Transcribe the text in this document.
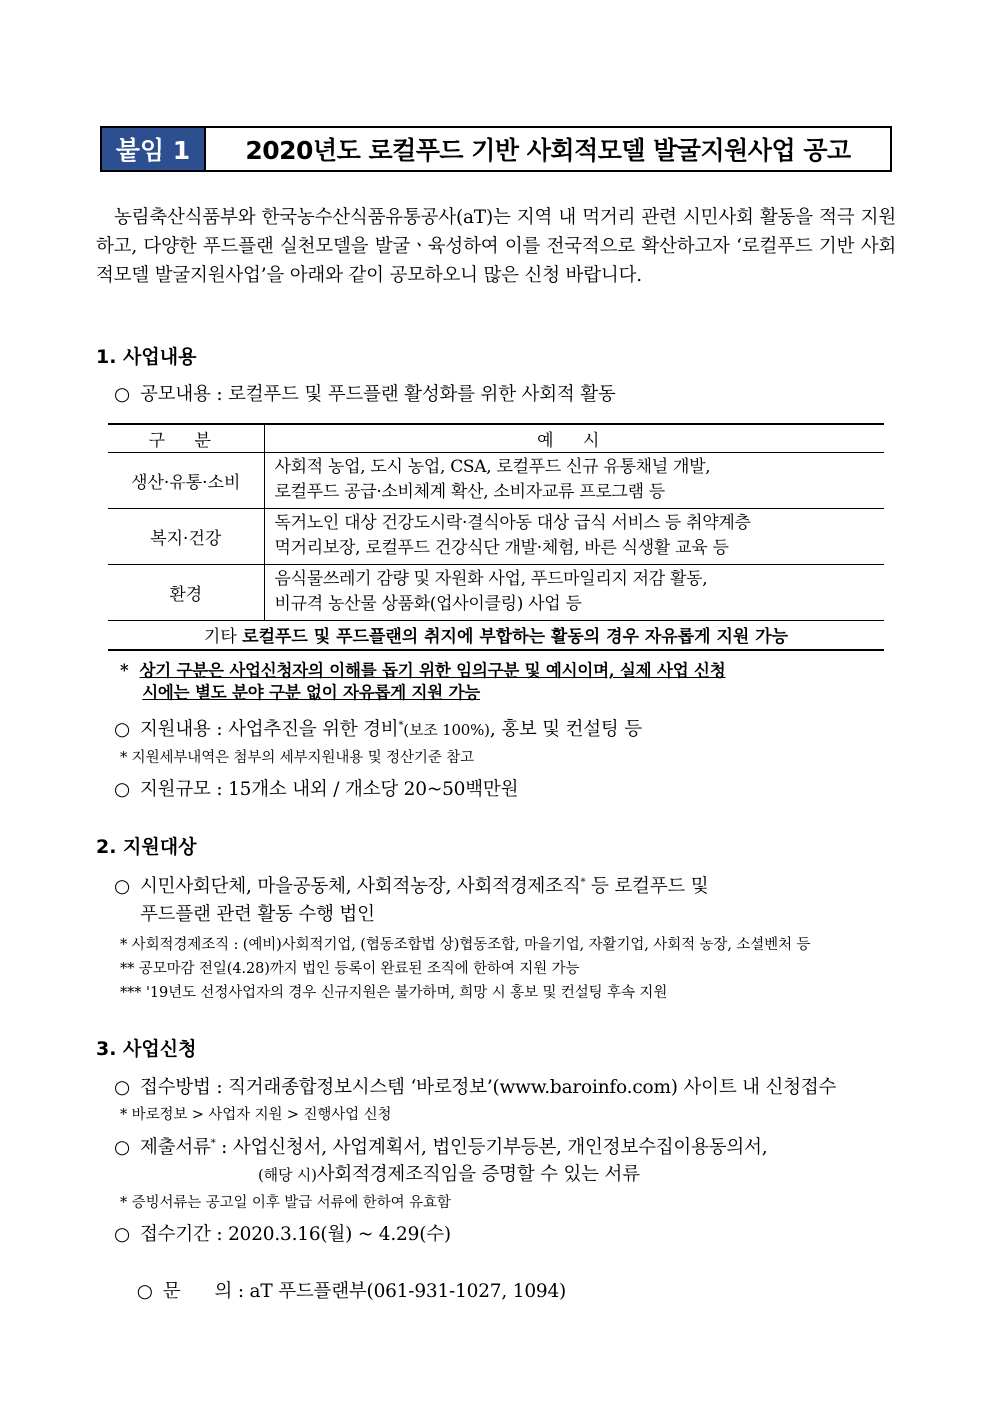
붙임 1	2020년도 로컬푸드 기반 사회적모델 발굴지원사업 공고

농림축산식품부와 한국농수산식품유통공사(aT)는 지역 내 먹거리 관련 시민사회 활동을 적극 지원하고, 다양한 푸드플랜 실천모델을 발굴ㆍ육성하여 이를 전국적으로 확산하고자 ‘로컬푸드 기반 사회적모델 발굴지원사업’을 아래와 같이 공모하오니 많은 신청 바랍니다.

1. 사업내용
○ 공모내용 : 로컬푸드 및 푸드플랜 활성화를 위한 사회적 활동
구 분	예 시
생산·유통·소비	사회적 농업, 도시 농업, CSA, 로컬푸드 신규 유통채널 개발,
로컬푸드 공급·소비체계 확산, 소비자교류 프로그램 등
복지·건강	독거노인 대상 건강도시락·결식아동 대상 급식 서비스 등 취약계층
먹거리보장, 로컬푸드 건강식단 개발·체험, 바른 식생활 교육 등
환경	음식물쓰레기 감량 및 자원화 사업, 푸드마일리지 저감 활동,
비규격 농산물 상품화(업사이클링) 사업 등
기타 로컬푸드 및 푸드플랜의 취지에 부합하는 활동의 경우 자유롭게 지원 가능	
* 상기 구분은 사업신청자의 이해를 돕기 위한 임의구분 및 예시이며, 실제 사업 신청
시에는 별도 분야 구분 없이 자유롭게 지원 가능
○ 지원내용 : 사업추진을 위한 경비*(보조 100%), 홍보 및 컨설팅 등
* 지원세부내역은 첨부의 세부지원내용 및 정산기준 참고
○ 지원규모 : 15개소 내외 / 개소당 20~50백만원
2. 지원대상
○ 시민사회단체, 마을공동체, 사회적농장, 사회적경제조직* 등 로컬푸드 및
푸드플랜 관련 활동 수행 법인
* 사회적경제조직 : (예비)사회적기업, (협동조합법 상)협동조합, 마을기업, 자활기업, 사회적 농장, 소셜벤처 등
** 공모마감 전일(4.28)까지 법인 등록이 완료된 조직에 한하여 지원 가능
*** '19년도 선정사업자의 경우 신규지원은 불가하며, 희망 시 홍보 및 컨설팅 후속 지원
3. 사업신청
○ 접수방법 : 직거래종합정보시스템 ‘바로정보’(www.baroinfo.com) 사이트 내 신청접수
* 바로정보 > 사업자 지원 > 진행사업 신청
○ 제출서류* : 사업신청서, 사업계획서, 법인등기부등본, 개인정보수집이용동의서,
(해당 시)사회적경제조직임을 증명할 수 있는 서류
* 증빙서류는 공고일 이후 발급 서류에 한하여 유효함
○ 접수기간 : 2020.3.16(월) ~ 4.29(수)

○ 문      의 : aT 푸드플랜부(061-931-1027, 1094)
